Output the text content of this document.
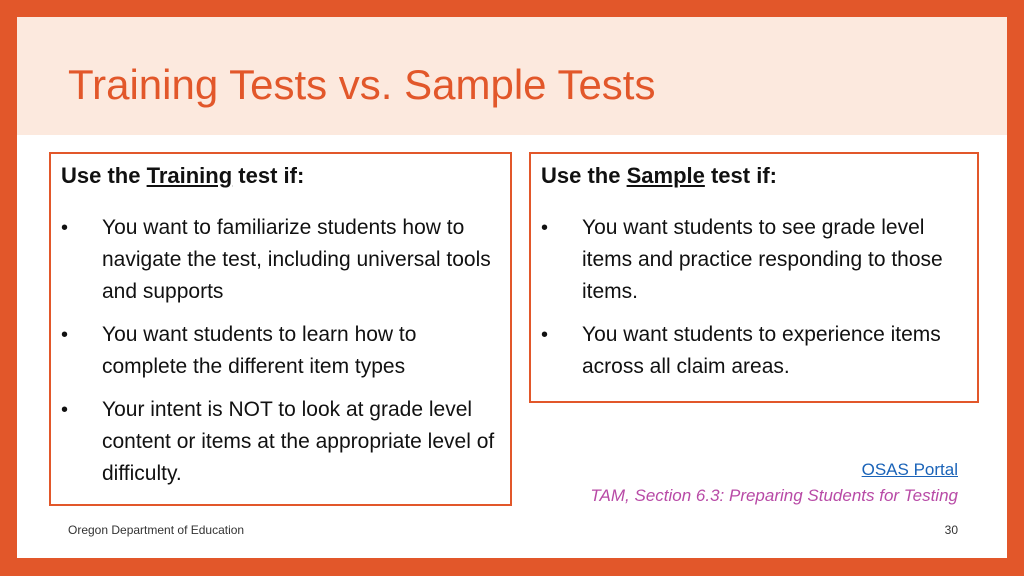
Training Tests vs. Sample Tests
Use the Training test if:
• You want to familiarize students how to navigate the test, including universal tools and supports
• You want students to learn how to complete the different item types
• Your intent is NOT to look at grade level content or items at the appropriate level of difficulty.
Use the Sample test if:
• You want students to see grade level items and practice responding to those items.
• You want students to experience items across all claim areas.
OSAS Portal
TAM, Section 6.3: Preparing Students for Testing
Oregon Department of Education	30
